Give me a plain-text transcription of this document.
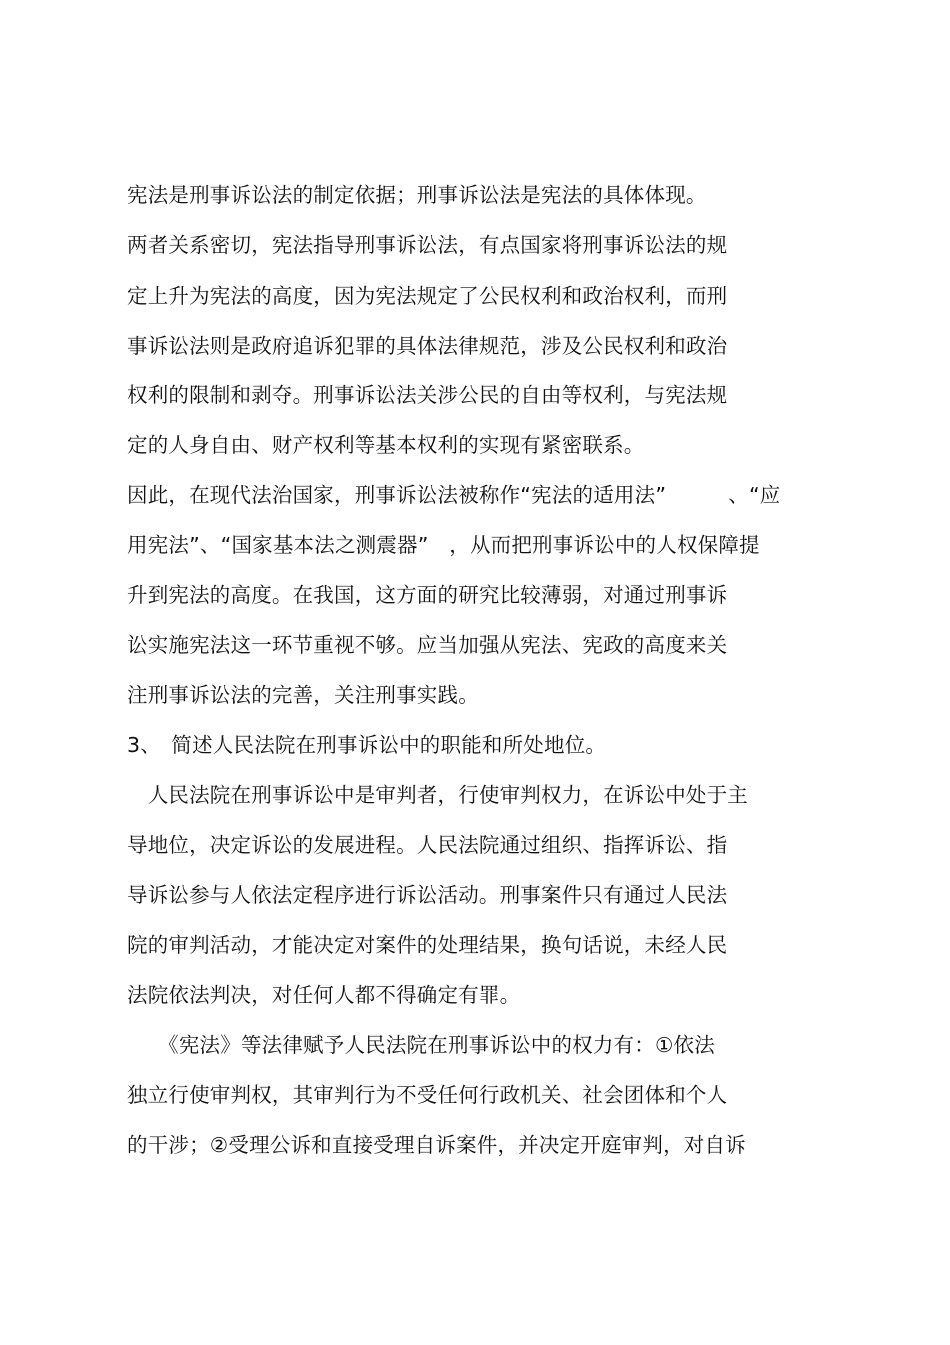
宪法是刑事诉讼法的制定依据；刑事诉讼法是宪法的具体体现。
两者关系密切，宪法指导刑事诉讼法，有点国家将刑事诉讼法的规
定上升为宪法的高度，因为宪法规定了公民权利和政治权利，而刑
事诉讼法则是政府追诉犯罪的具体法律规范，涉及公民权利和政治
权利的限制和剥夺。刑事诉讼法关涉公民的自由等权利，与宪法规
定的人身自由、财产权利等基本权利的实现有紧密联系。
因此，在现代法治国家，刑事诉讼法被称作“宪法的适用法”　　　、“应
用宪法”、“国家基本法之测震器”　，从而把刑事诉讼中的人权保障提
升到宪法的高度。在我国，这方面的研究比较薄弱，对通过刑事诉
讼实施宪法这一环节重视不够。应当加强从宪法、宪政的高度来关
注刑事诉讼法的完善，关注刑事实践。
3、　简述人民法院在刑事诉讼中的职能和所处地位。
　人民法院在刑事诉讼中是审判者，行使审判权力，在诉讼中处于主
导地位，决定诉讼的发展进程。人民法院通过组织、指挥诉讼、指
导诉讼参与人依法定程序进行诉讼活动。刑事案件只有通过人民法
院的审判活动，才能决定对案件的处理结果，换句话说，未经人民
法院依法判决，对任何人都不得确定有罪。
　　《宪法》等法律赋予人民法院在刑事诉讼中的权力有：①依法
独立行使审判权，其审判行为不受任何行政机关、社会团体和个人
的干涉；②受理公诉和直接受理自诉案件，并决定开庭审判，对自诉
